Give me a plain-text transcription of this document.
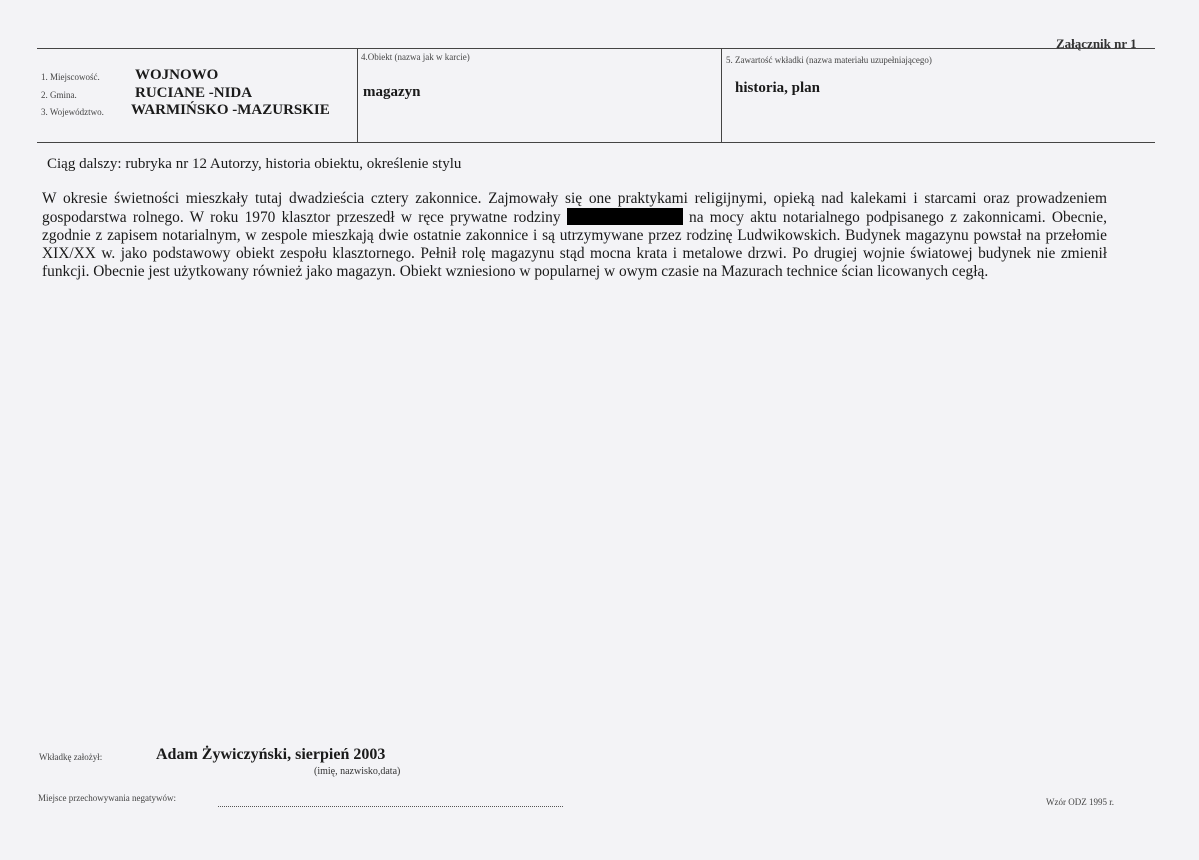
Załącznik nr 1
1. Miejscowość. WOJNOWO
2. Gmina.	RUCIANE -NIDA
3. Województwo. WARMIŃSKO -MAZURSKIE
4.Obiekt (nazwa jak w karcie)
magazyn
5. Zawartość wkładki (nazwa materiału uzupełniającego)
historia, plan
Ciąg dalszy: rubryka nr 12 Autorzy, historia obiektu, określenie stylu
W okresie świetności mieszkały tutaj dwadzieścia cztery zakonnice. Zajmowały się one praktykami religijnymi, opieką nad kalekami i starcami oraz prowadzeniem gospodarstwa rolnego. W roku 1970 klasztor przeszedł w ręce prywatne rodziny	na mocy aktu notarialnego podpisanego z zakonnicami. Obecnie, zgodnie z zapisem notarialnym, w zespole mieszkają dwie ostatnie zakonnice i są utrzymywane przez rodzinę Ludwikowskich. Budynek magazynu powstał na przełomie XIX/XX w. jako podstawowy obiekt zespołu klasztornego. Pełnił rolę magazynu stąd mocna krata i metalowe drzwi. Po drugiej wojnie światowej budynek nie zmienił funkcji. Obecnie jest użytkowany również jako magazyn. Obiekt wzniesiono w popularnej w owym czasie na Mazurach technice ścian licowanych cegłą.
Wkładkę założył:	Adam Żywiczyński, sierpień 2003
(imię, nazwisko,data)
Miejsce przechowywania negatywów:	Wzór ODZ 1995 r.
